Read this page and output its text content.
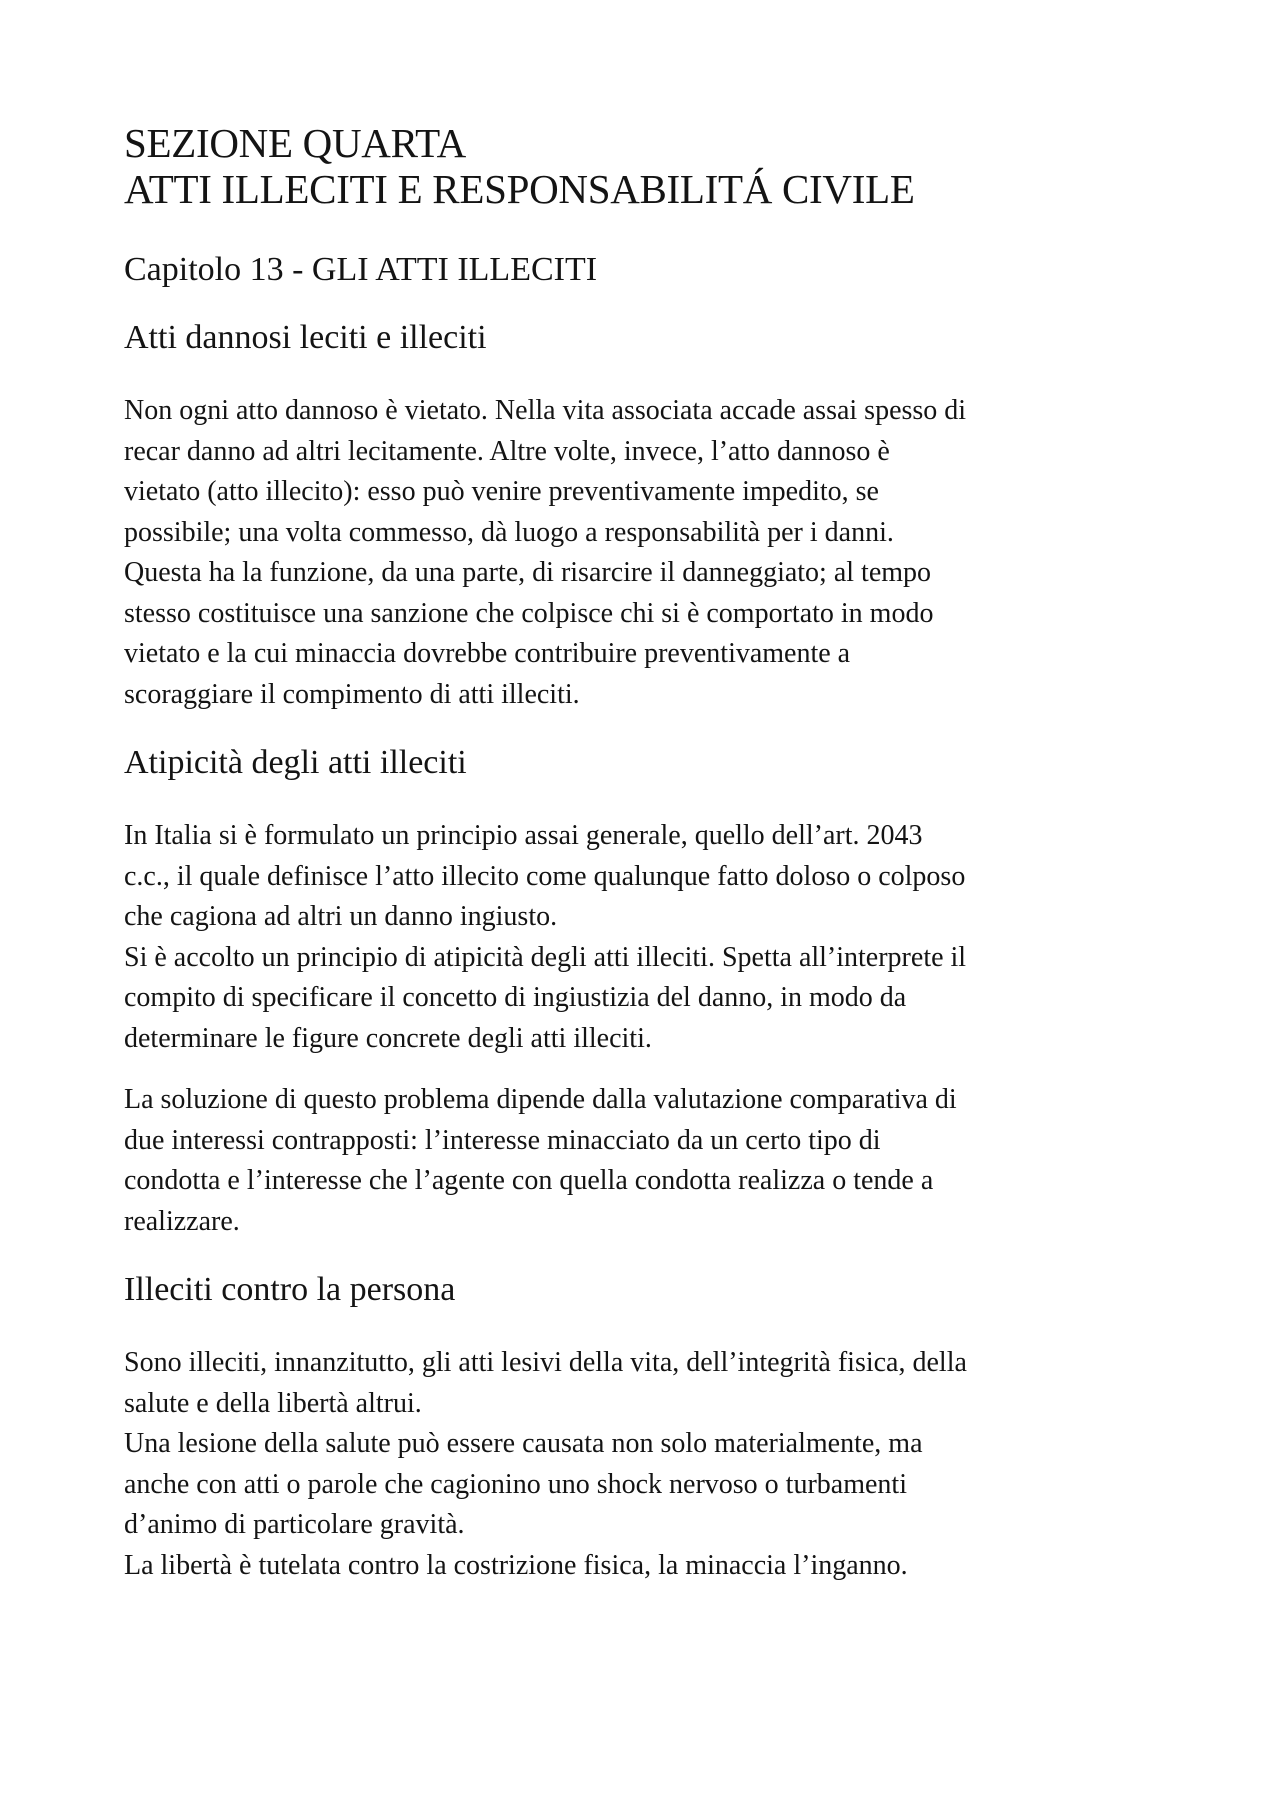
SEZIONE QUARTA
ATTI ILLECITI E RESPONSABILITÁ CIVILE
Capitolo 13 - GLI ATTI ILLECITI
Atti dannosi leciti e illeciti

Non ogni atto dannoso è vietato. Nella vita associata accade assai spesso di

recar danno ad altri lecitamente. Altre volte, invece, l’atto dannoso è

vietato (atto illecito): esso può venire preventivamente impedito, se

possibile; una volta commesso, dà luogo a responsabilità per i danni.

Questa ha la funzione, da una parte, di risarcire il danneggiato; al tempo

stesso costituisce una sanzione che colpisce chi si è comportato in modo

vietato e la cui minaccia dovrebbe contribuire preventivamente a

scoraggiare il compimento di atti illeciti.

Atipicità degli atti illeciti

In Italia si è formulato un principio assai generale, quello dell’art. 2043

c.c., il quale definisce l’atto illecito come qualunque fatto doloso o colposo

che cagiona ad altri un danno ingiusto.

Si è accolto un principio di atipicità degli atti illeciti. Spetta all’interprete il

compito di specificare il concetto di ingiustizia del danno, in modo da

determinare le figure concrete degli atti illeciti.

La soluzione di questo problema dipende dalla valutazione comparativa di

due interessi contrapposti: l’interesse minacciato da un certo tipo di

condotta e l’interesse che l’agente con quella condotta realizza o tende a

realizzare.

Illeciti contro la persona

Sono illeciti, innanzitutto, gli atti lesivi della vita, dell’integrità fisica, della

salute e della libertà altrui.

Una lesione della salute può essere causata non solo materialmente, ma

anche con atti o parole che cagionino uno shock nervoso o turbamenti

d’animo di particolare gravità.

La libertà è tutelata contro la costrizione fisica, la minaccia l’inganno.
